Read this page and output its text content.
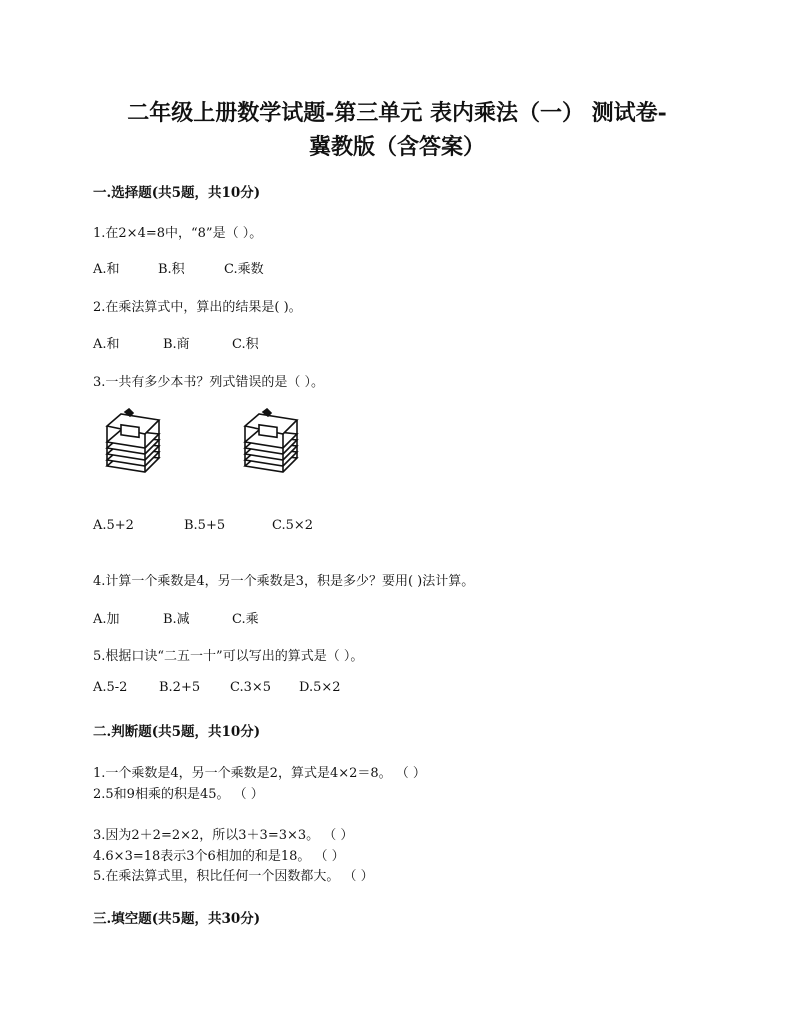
二年级上册数学试题-第三单元 表内乘法（一） 测试卷-
冀教版（含答案）
一.选择题(共5题，共10分)
1.在2×4=8中，“8”是（ ）。
A.和	B.积	C.乘数
2.在乘法算式中，算出的结果是( )。
A.和	B.商	C.积
3.一共有多少本书？列式错误的是（ ）。
A.5+2	B.5+5	C.5×2
4.计算一个乘数是4，另一个乘数是3，积是多少？要用( )法计算。
A.加	B.减	C.乘
5.根据口诀“二五一十”可以写出的算式是（ ）。
A.5-2 B.2+5 C.3×5 D.5×2
二.判断题(共5题，共10分)
1.一个乘数是4，另一个乘数是2，算式是4×2＝8。 （ ）
2.5和9相乘的积是45。 （ ）
3.因为2＋2=2×2，所以3＋3=3×3。 （ ）
4.6×3=18表示3个6相加的和是18。 （ ）
5.在乘法算式里，积比任何一个因数都大。 （ ）
三.填空题(共5题，共30分)
